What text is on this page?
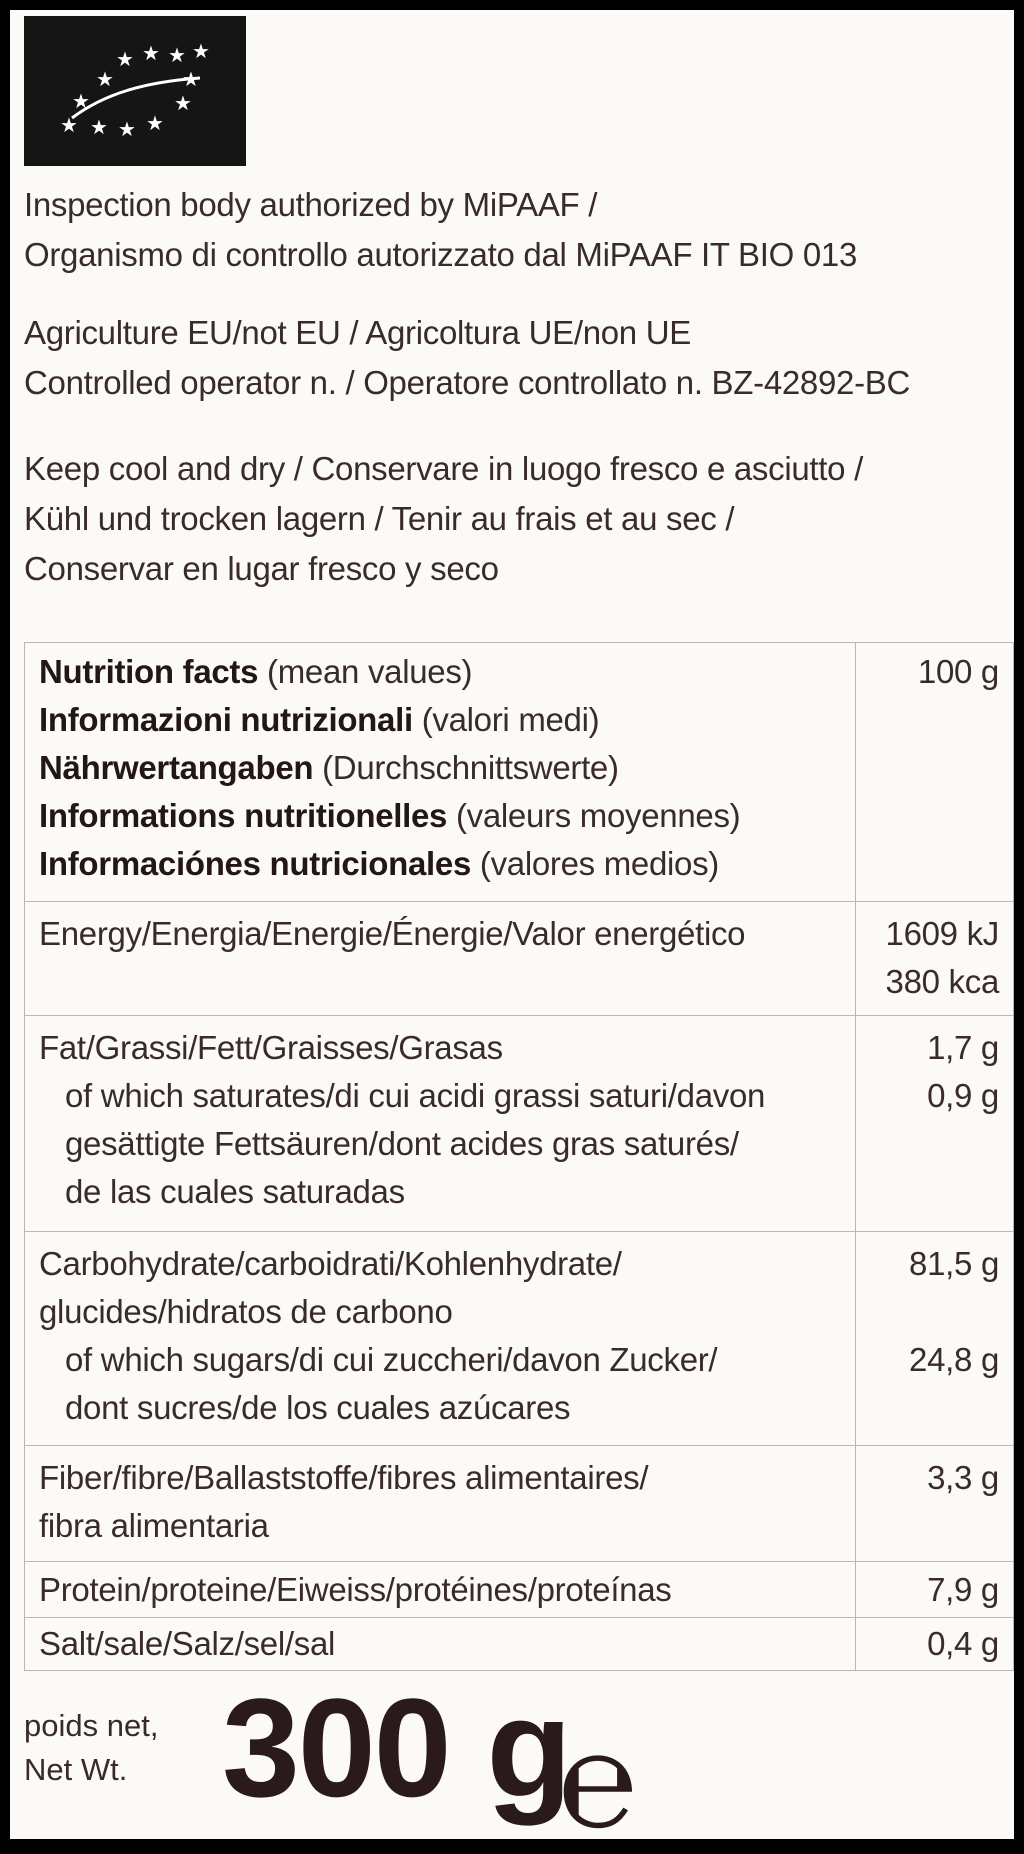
★ ★ ★ ★
★	★
★	★
★ ★ ★ ★
Inspection body authorized by MiPAAF /
Organismo di controllo autorizzato dal MiPAAF IT BIO 013
Agriculture EU/not EU / Agricoltura UE/non UE
Controlled operator n. / Operatore controllato n. BZ-42892-BC
Keep cool and dry / Conservare in luogo fresco e asciutto /
Kühl und trocken lagern / Tenir au frais et au sec /
Conservar en lugar fresco y seco
Nutrition facts (mean values)
Informazioni nutrizionali (valori medi)
Nährwertangaben (Durchschnittswerte)
Informations nutritionelles (valeurs moyennes)
Informaciónes nutricionales (valores medios)
100 g
Energy/Energia/Energie/Énergie/Valor energético	1609 kJ
380 kca
Fat/Grassi/Fett/Graisses/Grasas	1,7 g
of which saturates/di cui acidi grassi saturi/davon	0,9 g
gesättigte Fettsäuren/dont acides gras saturés/
de las cuales saturadas
Carbohydrate/carboidrati/Kohlenhydrate/	81,5 g
glucides/hidratos de carbono
of which sugars/di cui zuccheri/davon Zucker/	24,8 g
dont sucres/de los cuales azúcares
Fiber/fibre/Ballaststoffe/fibres alimentaires/	3,3 g
fibra alimentaria
Protein/proteine/Eiweiss/protéines/proteínas	7,9 g
Salt/sale/Salz/sel/sal	0,4 g
poids net,
Net Wt. 300 g
℮
